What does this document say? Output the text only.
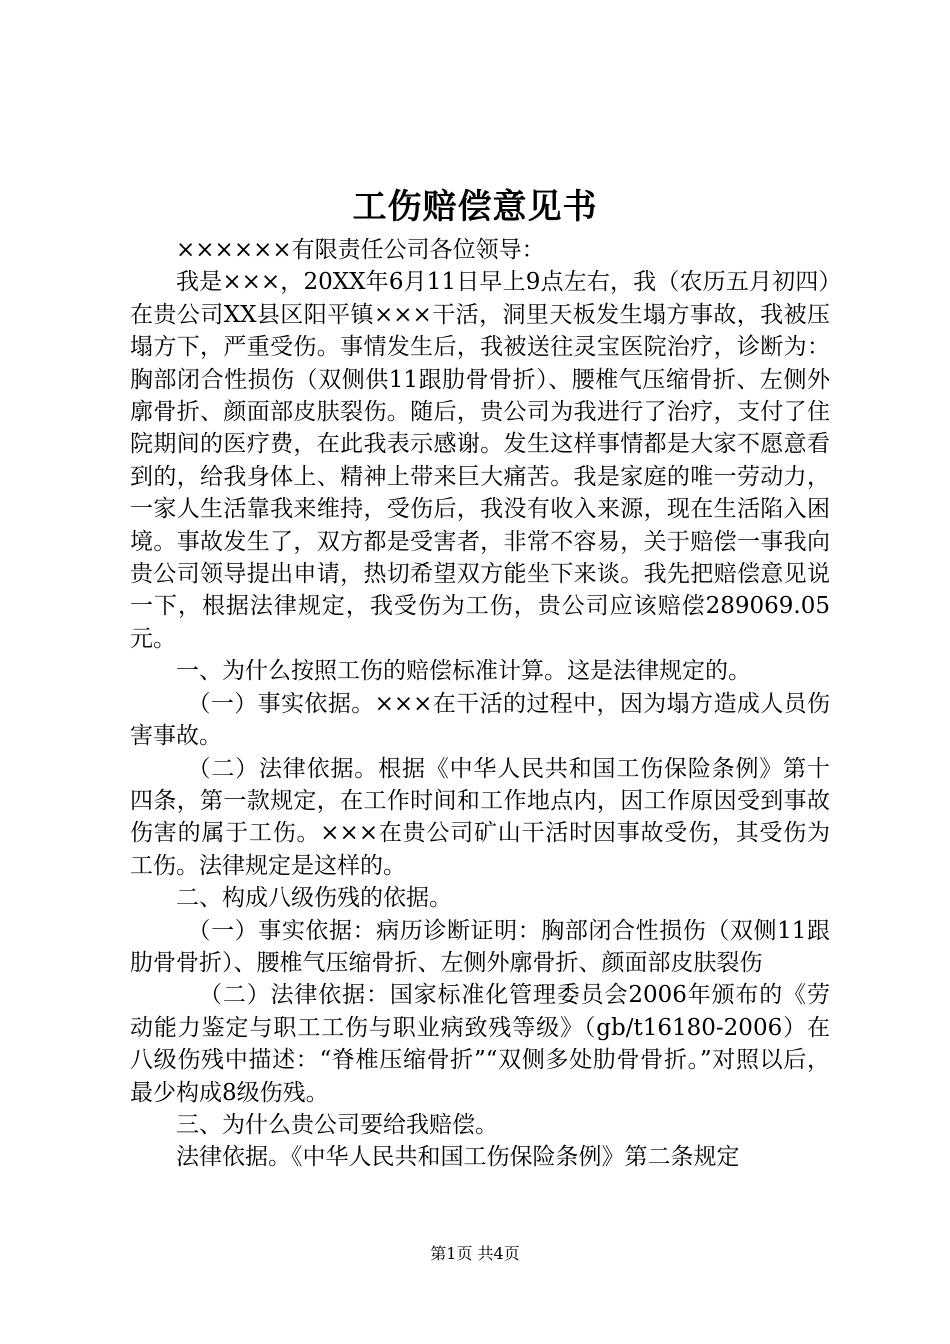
工伤赔偿意见书

××××××有限责任公司各位领导：

我是×××，20XX年6月11日早上9点左右，我（农历五月初四）在贵公司XX县区阳平镇×××干活，洞里天板发生塌方事故，我被压塌方下，严重受伤。事情发生后，我被送往灵宝医院治疗，诊断为：胸部闭合性损伤（双侧供11跟肋骨骨折）、腰椎气压缩骨折、左侧外廓骨折、颜面部皮肤裂伤。随后，贵公司为我进行了治疗，支付了住院期间的医疗费，在此我表示感谢。发生这样事情都是大家不愿意看到的，给我身体上、精神上带来巨大痛苦。我是家庭的唯一劳动力，一家人生活靠我来维持，受伤后，我没有收入来源，现在生活陷入困境。事故发生了，双方都是受害者，非常不容易，关于赔偿一事我向贵公司领导提出申请，热切希望双方能坐下来谈。我先把赔偿意见说一下，根据法律规定，我受伤为工伤，贵公司应该赔偿289069.05元。

一、为什么按照工伤的赔偿标准计算。这是法律规定的。

（一）事实依据。×××在干活的过程中，因为塌方造成人员伤害事故。

（二）法律依据。根据《中华人民共和国工伤保险条例》第十四条，第一款规定，在工作时间和工作地点内，因工作原因受到事故伤害的属于工伤。×××在贵公司矿山干活时因事故受伤，其受伤为工伤。法律规定是这样的。

二、构成八级伤残的依据。

（一）事实依据：病历诊断证明：胸部闭合性损伤（双侧11跟肋骨骨折）、腰椎气压缩骨折、左侧外廓骨折、颜面部皮肤裂伤

（二）法律依据：国家标准化管理委员会2006年颁布的《劳动能力鉴定与职工工伤与职业病致残等级》（gb/t16180-2006）在八级伤残中描述：“脊椎压缩骨折”“双侧多处肋骨骨折。”对照以后，最少构成8级伤残。

三、为什么贵公司要给我赔偿。

法律依据。《中华人民共和国工伤保险条例》第二条规定

第1页 共4页
